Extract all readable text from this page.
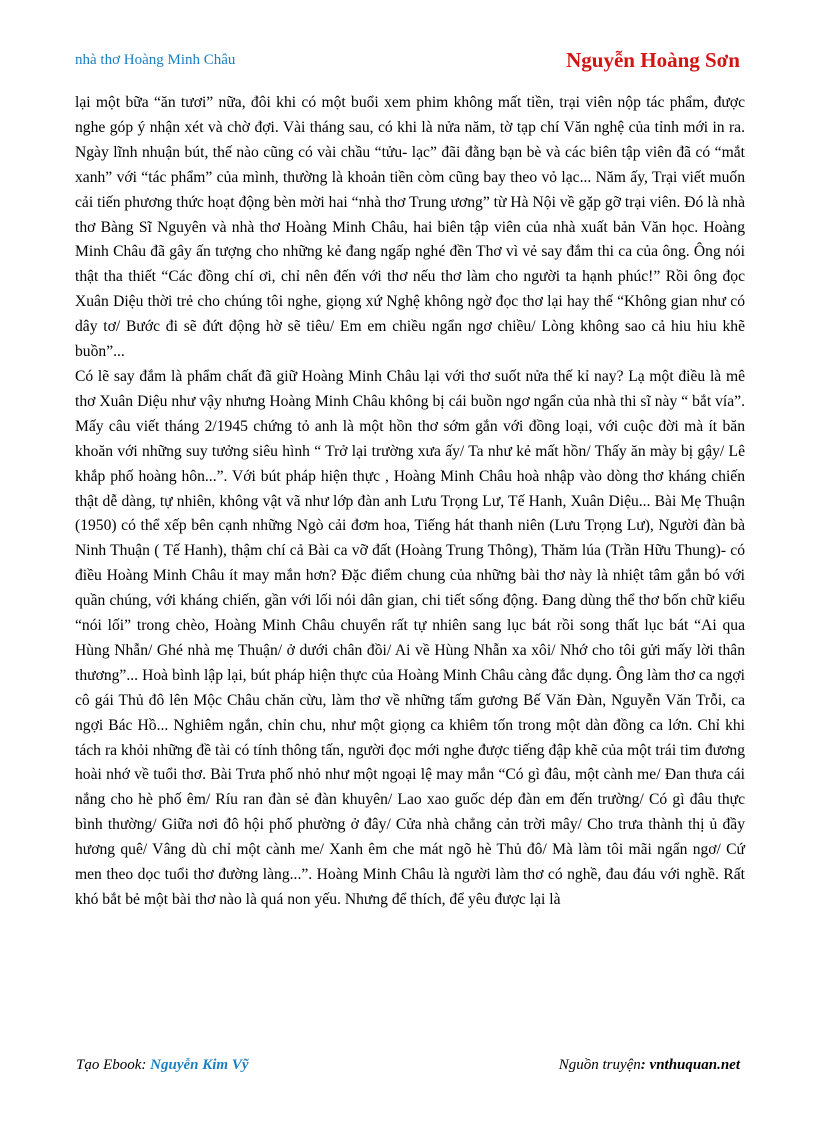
nhà thơ Hoàng Minh Châu	Nguyễn Hoàng Sơn

lại một bữa “ăn tươi” nữa, đôi khi có một buổi xem phim không mất tiền, trại viên nộp tác phẩm, được nghe góp ý nhận xét và chờ đợi. Vài tháng sau, có khi là nửa năm, tờ tạp chí Văn nghệ của tỉnh mới in ra. Ngày lĩnh nhuận bút, thế nào cũng có vài chầu “tửu- lạc” đãi đằng bạn bè và các biên tập viên đã có “mắt xanh” với “tác phẩm” của mình, thường là khoản tiền còm cũng bay theo vỏ lạc... Năm ấy, Trại viết muốn cải tiến phương thức hoạt động bèn mời hai “nhà thơ Trung ương” từ Hà Nội về gặp gỡ trại viên. Đó là nhà thơ Bàng Sĩ Nguyên và nhà thơ Hoàng Minh Châu, hai biên tập viên của nhà xuất bản Văn học. Hoàng Minh Châu đã gây ấn tượng cho những kẻ đang ngấp nghé đền Thơ vì vẻ say đắm thi ca của ông. Ông nói thật tha thiết “Các đồng chí ơi, chỉ nên đến với thơ nếu thơ làm cho người ta hạnh phúc!” Rồi ông đọc Xuân Diệu thời trẻ cho chúng tôi nghe, giọng xứ Nghệ không ngờ đọc thơ lại hay thế “Không gian như có dây tơ/ Bước đi sẽ đứt động hờ sẽ tiêu/ Em em chiều ngẩn ngơ chiều/ Lòng không sao cả hiu hiu khẽ buồn”...

Có lẽ say đắm là phẩm chất đã giữ Hoàng Minh Châu lại với thơ suốt nửa thế kỉ nay? Lạ một điều là mê thơ Xuân Diệu như vậy nhưng Hoàng Minh Châu không bị cái buồn ngơ ngẩn của nhà thi sĩ này “ bắt vía”. Mấy câu viết tháng 2/1945 chứng tỏ anh là một hồn thơ sớm gắn với đồng loại, với cuộc đời mà ít băn khoăn với những suy tưởng siêu hình “ Trở lại trường xưa ấy/ Ta như kẻ mất hồn/ Thấy ăn mày bị gậy/ Lê khắp phố hoàng hôn...”. Với bút pháp hiện thực , Hoàng Minh Châu hoà nhập vào dòng thơ kháng chiến thật dễ dàng, tự nhiên, không vật vã như lớp đàn anh Lưu Trọng Lư, Tế Hanh, Xuân Diệu... Bài Mẹ Thuận (1950) có thể xếp bên cạnh những Ngò cải đơm hoa, Tiếng hát thanh niên (Lưu Trọng Lư), Người đàn bà Ninh Thuận ( Tế Hanh), thậm chí cả Bài ca vỡ đất (Hoàng Trung Thông), Thăm lúa (Trần Hữu Thung)- có điều Hoàng Minh Châu ít may mắn hơn? Đặc điểm chung của những bài thơ này là nhiệt tâm gắn bó với quần chúng, với kháng chiến, gần với lối nói dân gian, chi tiết sống động. Đang dùng thể thơ bốn chữ kiểu “nói lối” trong chèo, Hoàng Minh Châu chuyển rất tự nhiên sang lục bát rồi song thất lục bát “Ai qua Hùng Nhẫn/ Ghé nhà mẹ Thuận/ ở dưới chân đồi/ Ai về Hùng Nhẫn xa xôi/ Nhớ cho tôi gửi mấy lời thân thương”... Hoà bình lập lại, bút pháp hiện thực của Hoàng Minh Châu càng đắc dụng. Ông làm thơ ca ngợi cô gái Thủ đô lên Mộc Châu chăn cừu, làm thơ về những tấm gương Bế Văn Đàn, Nguyễn Văn Trỗi, ca ngợi Bác Hồ... Nghiêm ngắn, chỉn chu, như một giọng ca khiêm tốn trong một dàn đồng ca lớn. Chỉ khi tách ra khỏi những đề tài có tính thông tấn, người đọc mới nghe được tiếng đập khẽ của một trái tim đương hoài nhớ về tuổi thơ. Bài Trưa phố nhỏ như một ngoại lệ may mắn “Có gì đâu, một cành me/ Đan thưa cái nắng cho hè phố êm/ Ríu ran đàn sẻ đàn khuyên/ Lao xao guốc dép đàn em đến trường/ Có gì đâu thực bình thường/ Giữa nơi đô hội phố phường ở đây/ Cửa nhà chẳng cản trời mây/ Cho trưa thành thị ủ đầy hương quê/ Vâng dù chỉ một cành me/ Xanh êm che mát ngõ hè Thủ đô/ Mà làm tôi mãi ngẩn ngơ/ Cứ men theo dọc tuổi thơ đường làng...”. Hoàng Minh Châu là người làm thơ có nghề, đau đáu với nghề. Rất khó bắt bẻ một bài thơ nào là quá non yếu. Nhưng để thích, để yêu được lại là

Tạo Ebook: Nguyễn Kim Vỹ	Nguồn truyện: vnthuquan.net
